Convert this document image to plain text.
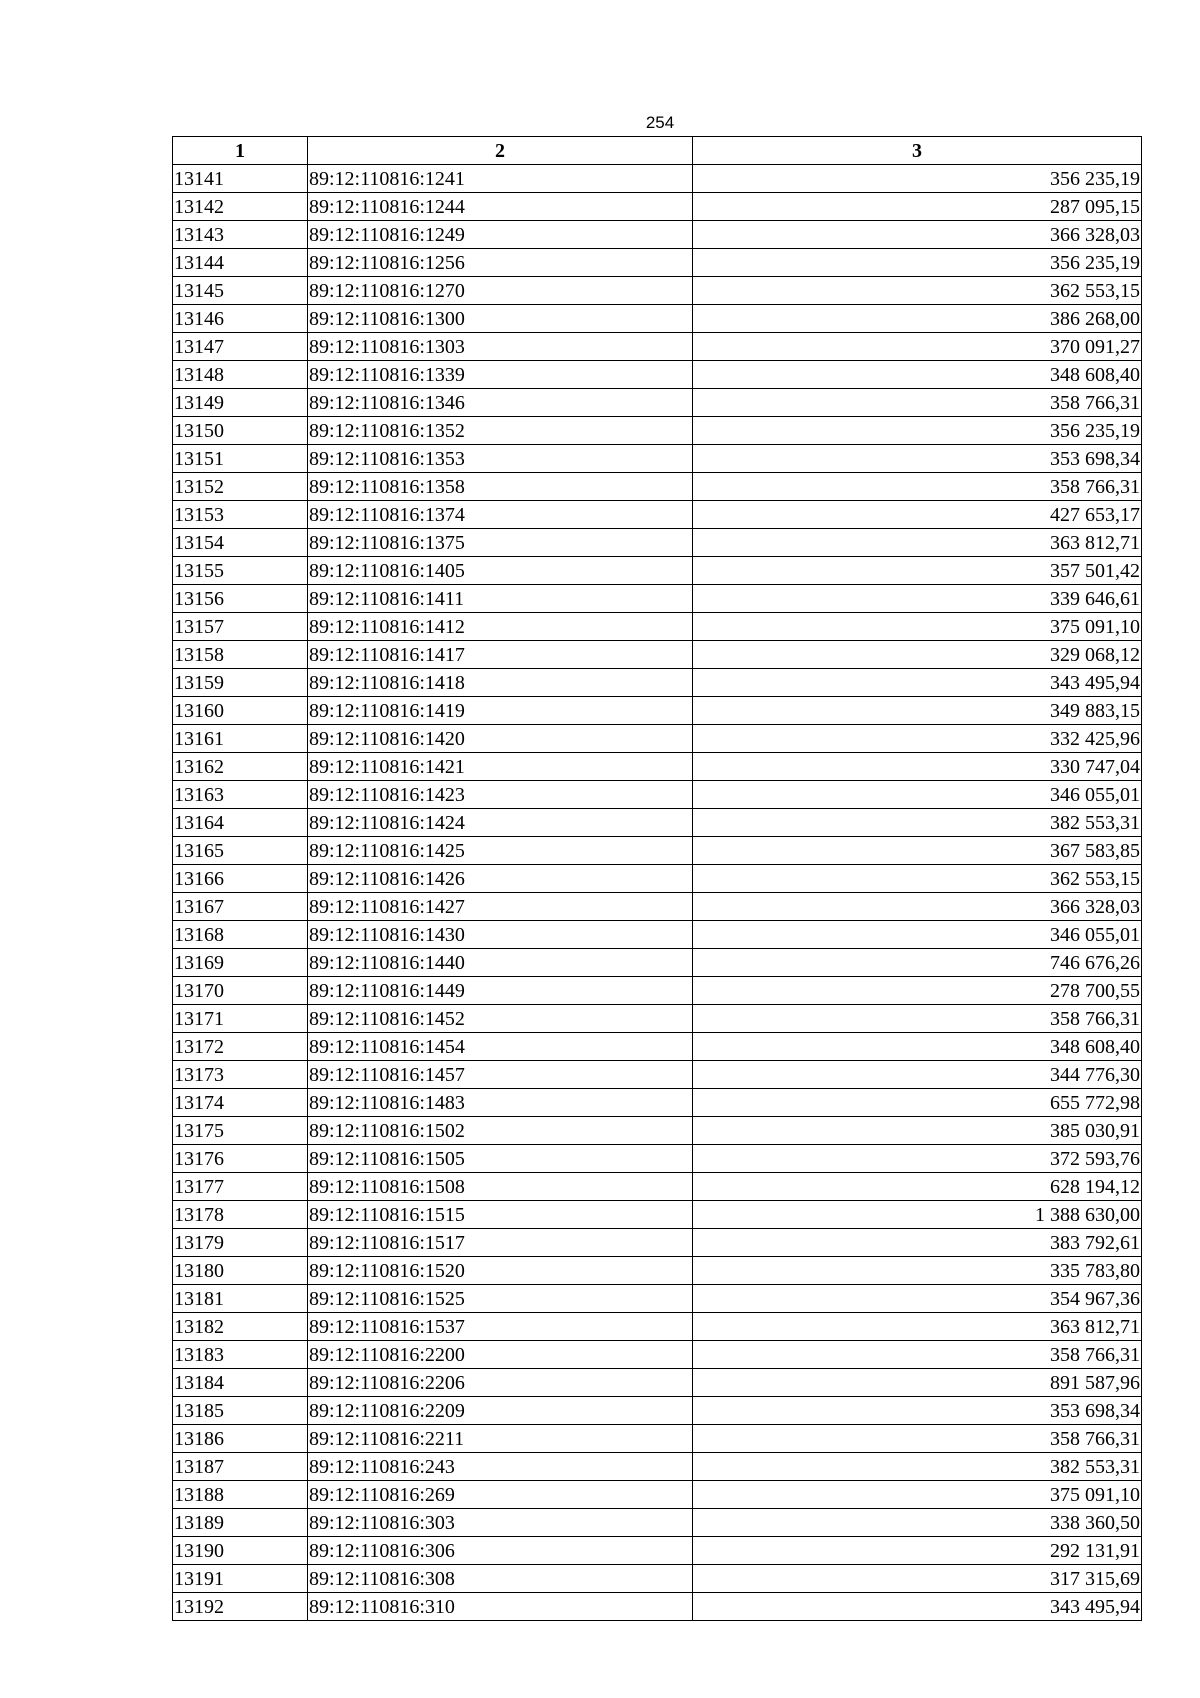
254
1	2	3
13141	89:12:110816:1241	356 235,19
13142	89:12:110816:1244	287 095,15
13143	89:12:110816:1249	366 328,03
13144	89:12:110816:1256	356 235,19
13145	89:12:110816:1270	362 553,15
13146	89:12:110816:1300	386 268,00
13147	89:12:110816:1303	370 091,27
13148	89:12:110816:1339	348 608,40
13149	89:12:110816:1346	358 766,31
13150	89:12:110816:1352	356 235,19
13151	89:12:110816:1353	353 698,34
13152	89:12:110816:1358	358 766,31
13153	89:12:110816:1374	427 653,17
13154	89:12:110816:1375	363 812,71
13155	89:12:110816:1405	357 501,42
13156	89:12:110816:1411	339 646,61
13157	89:12:110816:1412	375 091,10
13158	89:12:110816:1417	329 068,12
13159	89:12:110816:1418	343 495,94
13160	89:12:110816:1419	349 883,15
13161	89:12:110816:1420	332 425,96
13162	89:12:110816:1421	330 747,04
13163	89:12:110816:1423	346 055,01
13164	89:12:110816:1424	382 553,31
13165	89:12:110816:1425	367 583,85
13166	89:12:110816:1426	362 553,15
13167	89:12:110816:1427	366 328,03
13168	89:12:110816:1430	346 055,01
13169	89:12:110816:1440	746 676,26
13170	89:12:110816:1449	278 700,55
13171	89:12:110816:1452	358 766,31
13172	89:12:110816:1454	348 608,40
13173	89:12:110816:1457	344 776,30
13174	89:12:110816:1483	655 772,98
13175	89:12:110816:1502	385 030,91
13176	89:12:110816:1505	372 593,76
13177	89:12:110816:1508	628 194,12
13178	89:12:110816:1515	1 388 630,00
13179	89:12:110816:1517	383 792,61
13180	89:12:110816:1520	335 783,80
13181	89:12:110816:1525	354 967,36
13182	89:12:110816:1537	363 812,71
13183	89:12:110816:2200	358 766,31
13184	89:12:110816:2206	891 587,96
13185	89:12:110816:2209	353 698,34
13186	89:12:110816:2211	358 766,31
13187	89:12:110816:243	382 553,31
13188	89:12:110816:269	375 091,10
13189	89:12:110816:303	338 360,50
13190	89:12:110816:306	292 131,91
13191	89:12:110816:308	317 315,69
13192	89:12:110816:310	343 495,94
